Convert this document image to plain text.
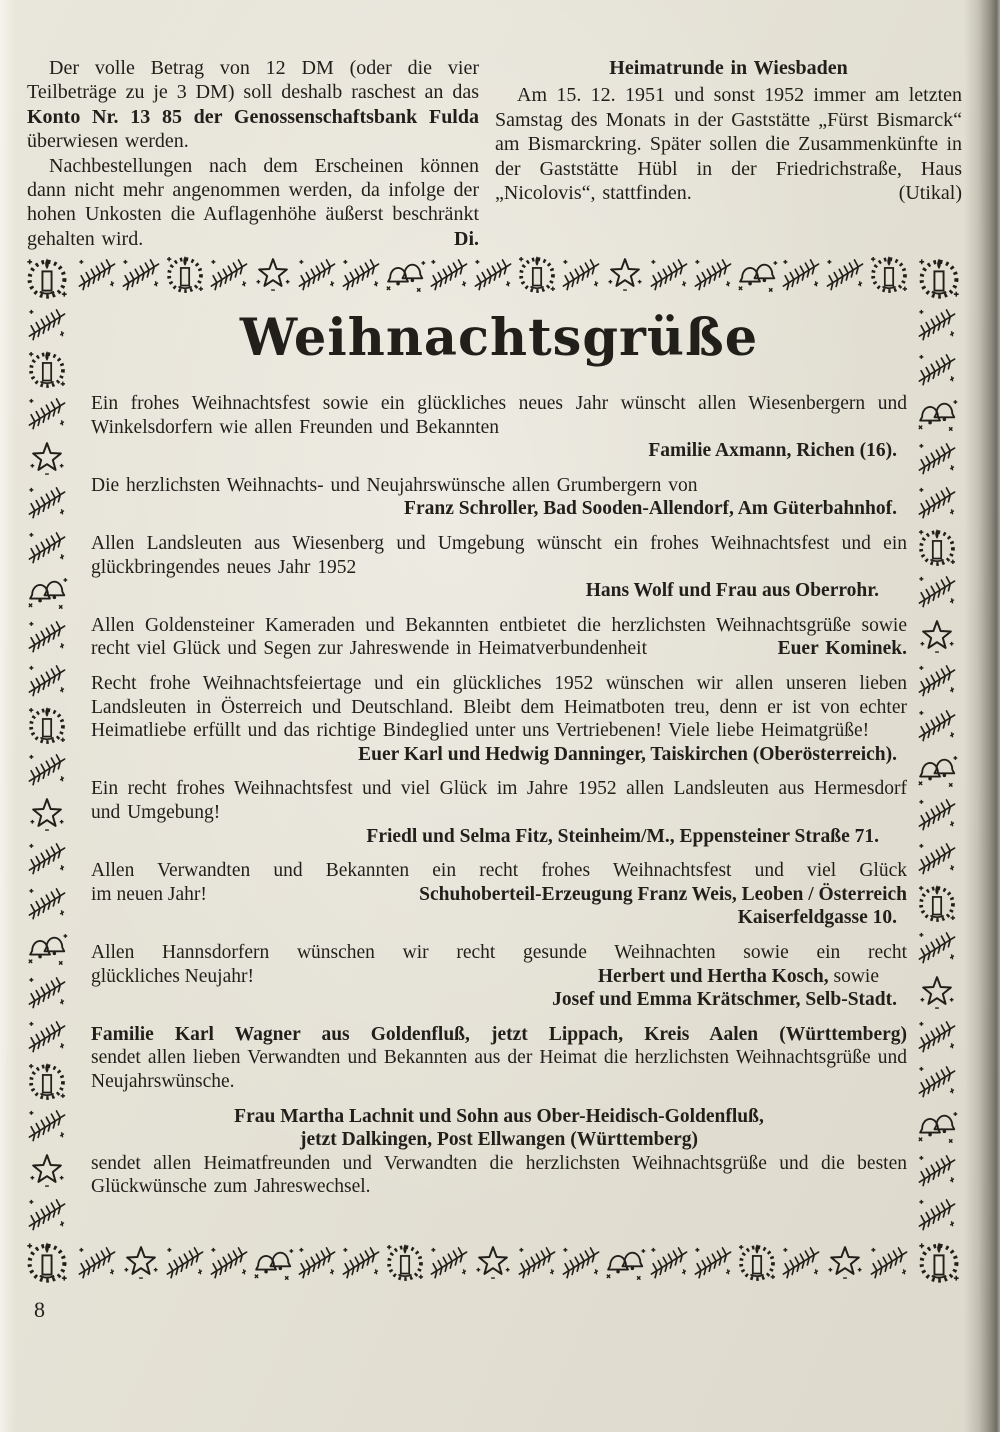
Der volle Betrag von 12 DM (oder die vier Teilbeträge zu je 3 DM) soll deshalb raschest an das Konto Nr. 13 85 der Genossenschaftsbank Fulda überwiesen werden.

Nachbestellungen nach dem Erscheinen können dann nicht mehr angenommen werden, da infolge der hohen Unkosten die Auflagenhöhe äußerst beschränkt gehalten wird.	Di.

Heimatrunde in Wiesbaden

Am 15. 12. 1951 und sonst 1952 immer am letzten Samstag des Monats in der Gaststätte „Fürst Bismarck“ am Bismarckring. Später sollen die Zusammenkünfte in der Gaststätte Hübl in der Friedrichstraße, Haus „Nicolovis“, stattfinden.	(Utikal)

Weihnachtsgrüße

Ein frohes Weihnachtsfest sowie ein glückliches neues Jahr wünscht allen Wiesenbergern und Winkelsdorfern wie allen Freunden und Bekannten

Familie Axmann, Richen (16).

Die herzlichsten Weihnachts- und Neujahrswünsche allen Grumbergern von

Franz Schroller, Bad Sooden-Allendorf, Am Güterbahnhof.

Allen Landsleuten aus Wiesenberg und Umgebung wünscht ein frohes Weihnachtsfest und ein glückbringendes neues Jahr 1952

Hans Wolf und Frau aus Oberrohr.

Allen Goldensteiner Kameraden und Bekannten entbietet die herzlichsten Weihnachtsgrüße sowie recht viel Glück und Segen zur Jahreswende in Heimatverbundenheit	Euer Kominek.

Recht frohe Weihnachtsfeiertage und ein glückliches 1952 wünschen wir allen unseren lieben Landsleuten in Österreich und Deutschland. Bleibt dem Heimatboten treu, denn er ist von echter Heimatliebe erfüllt und das richtige Bindeglied unter uns Vertriebenen! Viele liebe Heimatgrüße!

Euer Karl und Hedwig Danninger, Taiskirchen (Oberösterreich).

Ein recht frohes Weihnachtsfest und viel Glück im Jahre 1952 allen Landsleuten aus Hermesdorf und Umgebung!

Friedl und Selma Fitz, Steinheim/M., Eppensteiner Straße 71.
Allen Verwandten und Bekannten ein recht frohes Weihnachtsfest und viel Glück
im neuen Jahr!	Schuhoberteil-Erzeugung Franz Weis, Leoben / Österreich
Kaiserfeldgasse 10.
Allen Hannsdorfern wünschen wir recht gesunde Weihnachten sowie ein recht
glückliches Neujahr!	Herbert und Hertha Kosch, sowie
Josef und Emma Krätschmer, Selb-Stadt.
Familie Karl Wagner aus Goldenfluß, jetzt Lippach, Kreis Aalen (Württemberg)

sendet allen lieben Verwandten und Bekannten aus der Heimat die herzlichsten Weihnachtsgrüße und Neujahrswünsche.

Frau Martha Lachnit und Sohn aus Ober-Heidisch-Goldenfluß,
jetzt Dalkingen, Post Ellwangen (Württemberg)

sendet allen Heimatfreunden und Verwandten die herzlichsten Weihnachtsgrüße und die besten Glückwünsche zum Jahreswechsel.

8
